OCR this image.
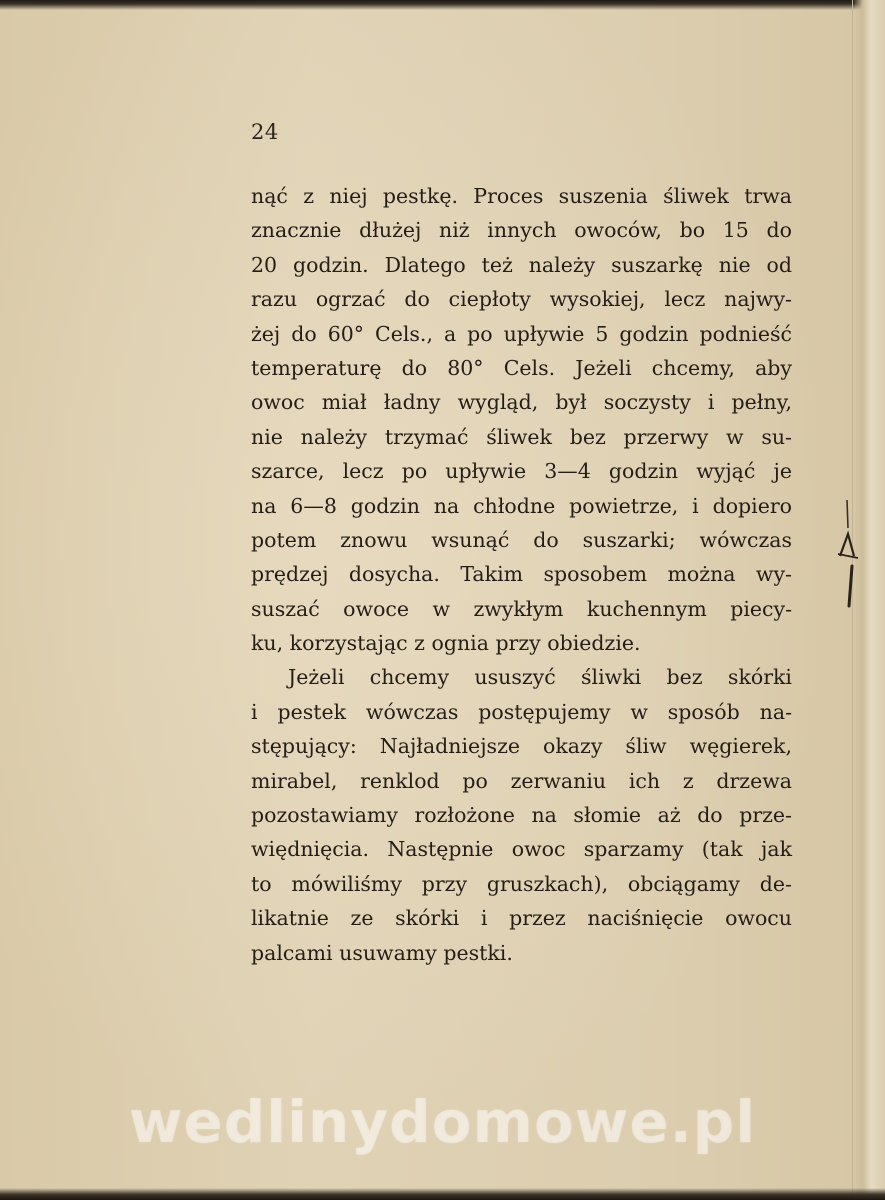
24
nąć z niej pestkę. Proces suszenia śliwek trwa
znacznie dłużej niż innych owoców, bo 15 do
20 godzin. Dlatego też należy suszarkę nie od
razu ogrzać do ciepłoty wysokiej, lecz najwy-
żej do 60° Cels., a po upływie 5 godzin podnieść
temperaturę do 80° Cels. Jeżeli chcemy, aby
owoc miał ładny wygląd, był soczysty i pełny,
nie należy trzymać śliwek bez przerwy w su-
szarce, lecz po upływie 3—4 godzin wyjąć je
na 6—8 godzin na chłodne powietrze, i dopiero
potem znowu wsunąć do suszarki; wówczas
prędzej dosycha. Takim sposobem można wy-
suszać owoce w zwykłym kuchennym piecy-
ku, korzystając z ognia przy obiedzie.
Jeżeli chcemy ususzyć śliwki bez skórki
i pestek wówczas postępujemy w sposób na-
stępujący: Najładniejsze okazy śliw węgierek,
mirabel, renklod po zerwaniu ich z drzewa
pozostawiamy rozłożone na słomie aż do prze-
więdnięcia. Następnie owoc sparzamy (tak jak
to mówiliśmy przy gruszkach), obciągamy de-
likatnie ze skórki i przez naciśnięcie owocu
palcami usuwamy pestki.
wedlinydomowe.pl
